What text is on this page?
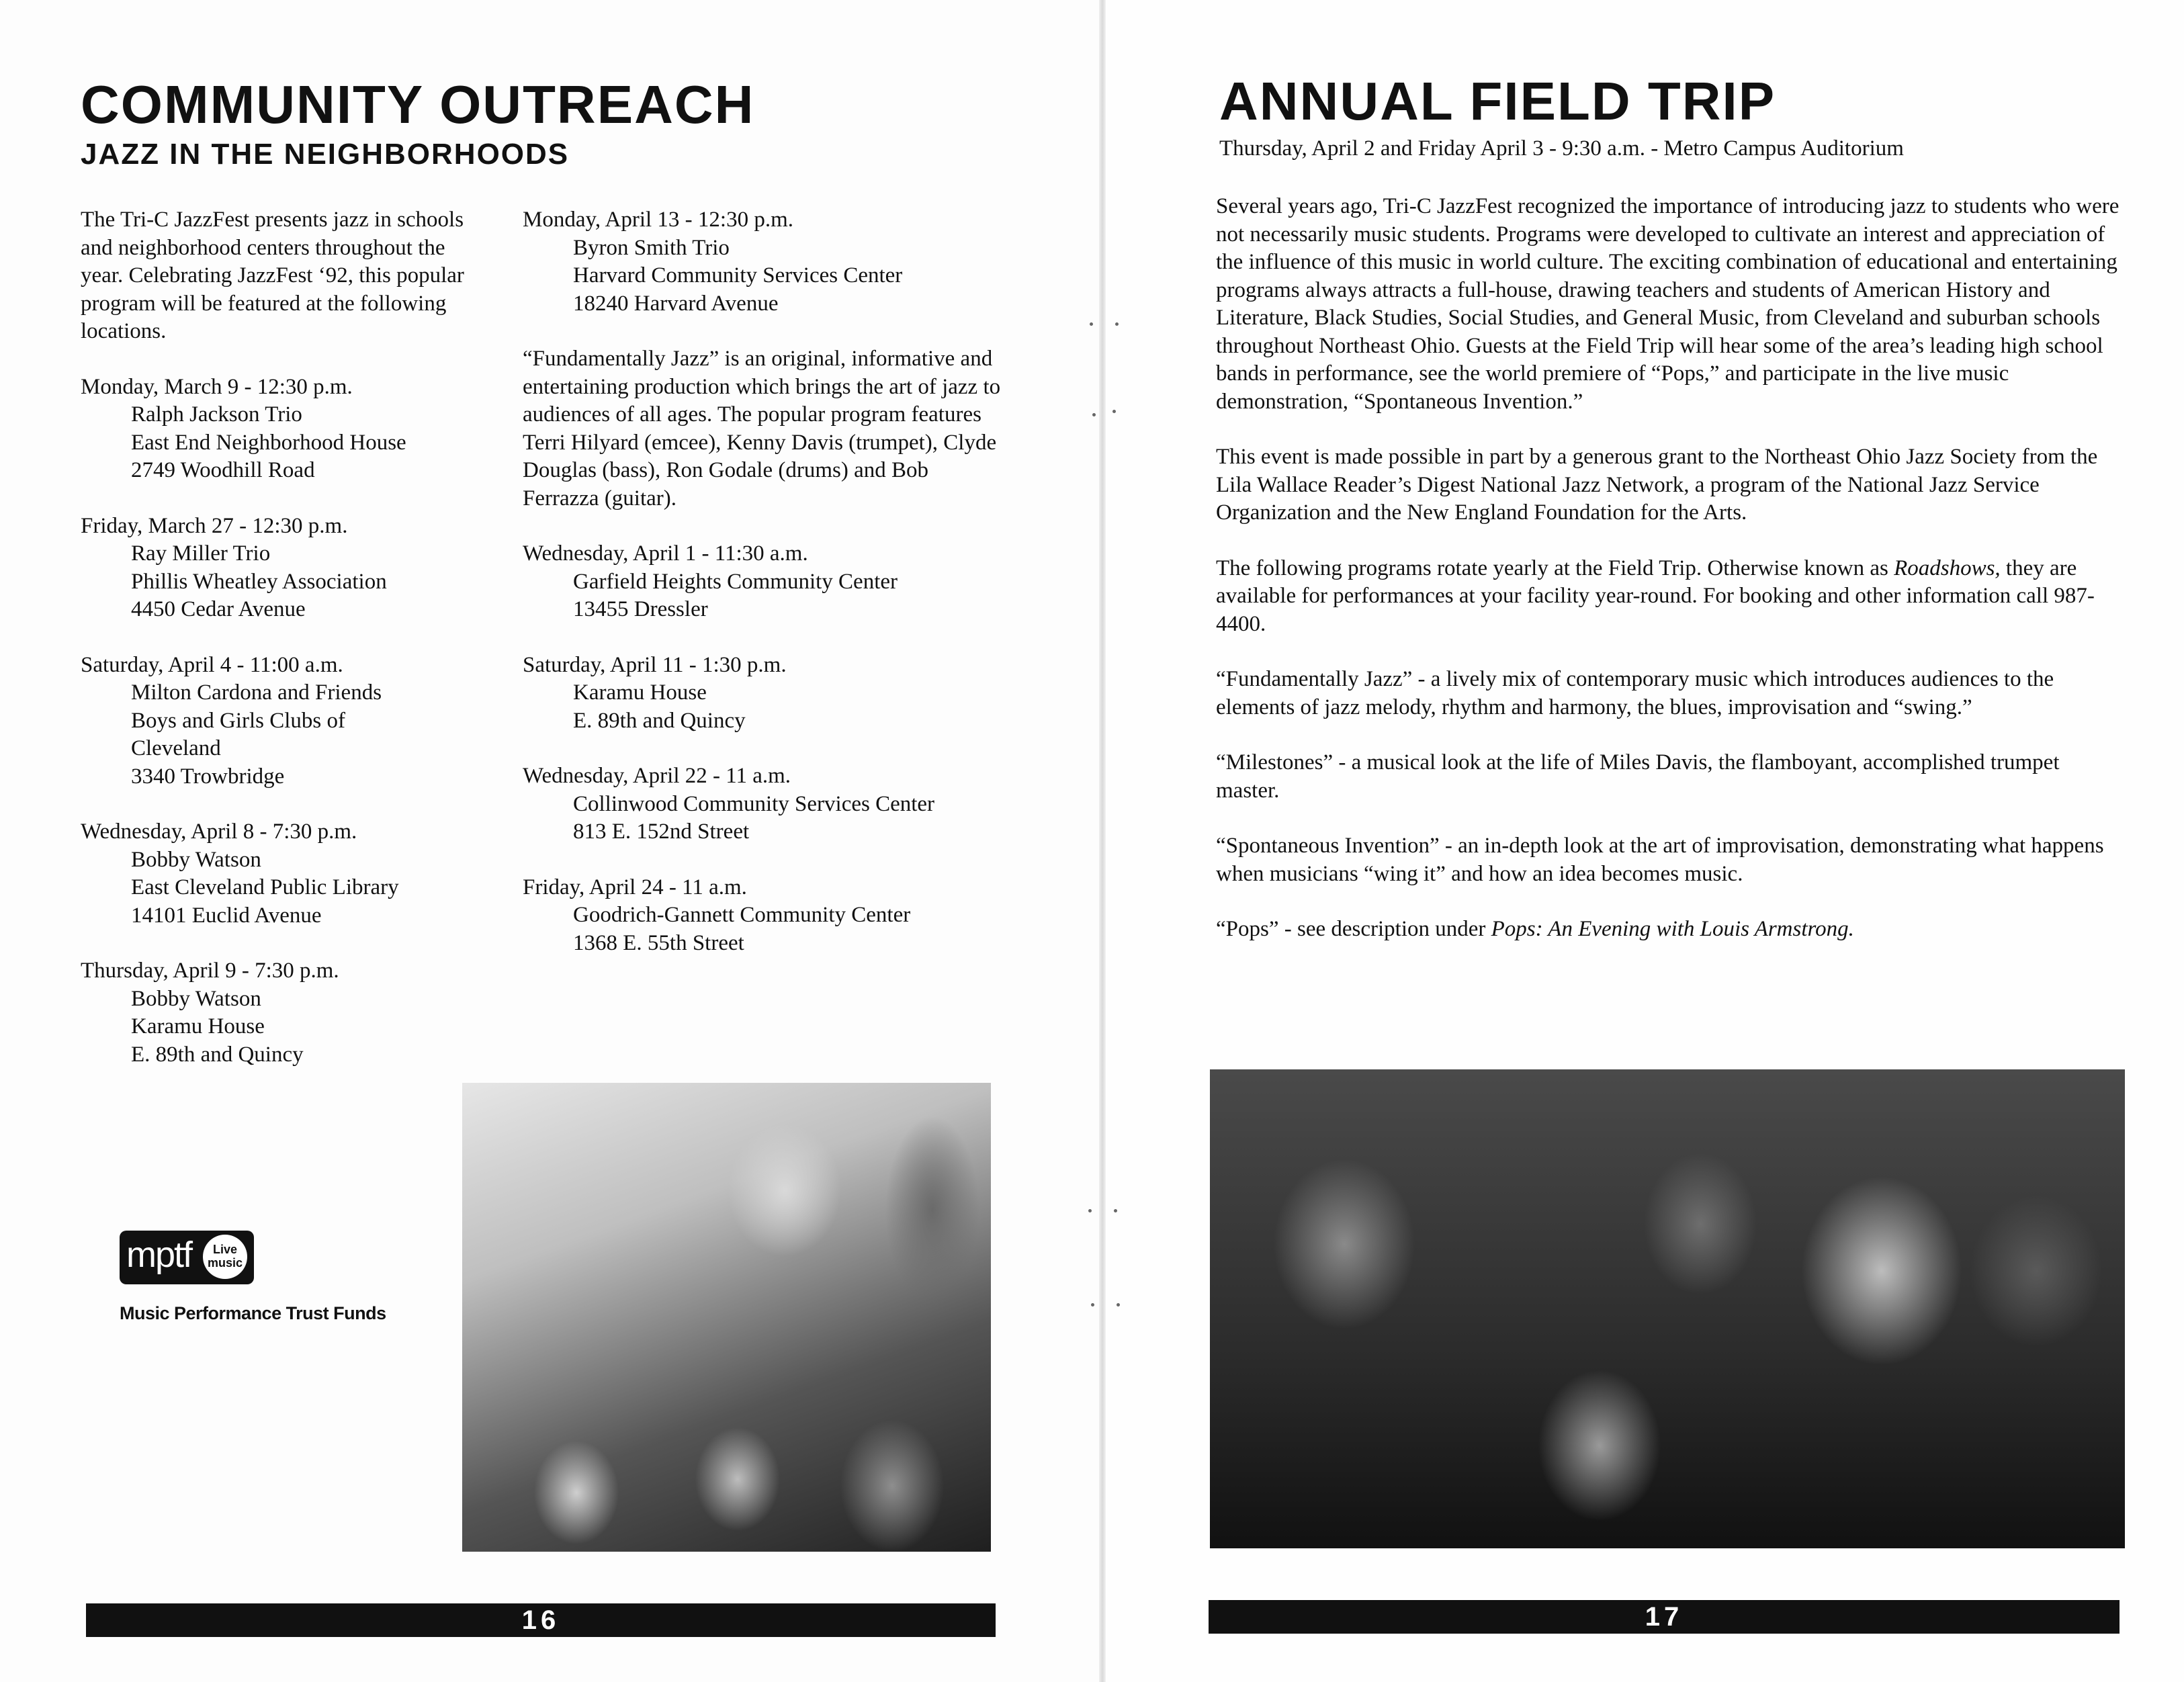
COMMUNITY OUTREACH
JAZZ IN THE NEIGHBORHOODS

The Tri-C JazzFest presents jazz in schools and neighborhood centers throughout the year. Celebrating JazzFest ‘92, this popular program will be featured at the following locations.

Monday, March 9 - 12:30 p.m.
Ralph Jackson Trio
East End Neighborhood House
2749 Woodhill Road

Friday, March 27 - 12:30 p.m.
Ray Miller Trio
Phillis Wheatley Association
4450 Cedar Avenue

Saturday, April 4 - 11:00 a.m.
Milton Cardona and Friends
Boys and Girls Clubs of
Cleveland
3340 Trowbridge

Wednesday, April 8 - 7:30 p.m.
Bobby Watson
East Cleveland Public Library
14101 Euclid Avenue

Thursday, April 9 - 7:30 p.m.
Bobby Watson
Karamu House
E. 89th and Quincy

Monday, April 13 - 12:30 p.m.
Byron Smith Trio
Harvard Community Services Center
18240 Harvard Avenue

“Fundamentally Jazz” is an original, informative and entertaining production which brings the art of jazz to audiences of all ages. The popular program features Terri Hilyard (emcee), Kenny Davis (trumpet), Clyde Douglas (bass), Ron Godale (drums) and Bob Ferrazza (guitar).

Wednesday, April 1 - 11:30 a.m.
Garfield Heights Community Center
13455 Dressler

Saturday, April 11 - 1:30 p.m.
Karamu House
E. 89th and Quincy

Wednesday, April 22 - 11 a.m.
Collinwood Community Services Center
813 E. 152nd Street

Friday, April 24 - 11 a.m.
Goodrich-Gannett Community Center
1368 E. 55th Street

mptf	Live music
Music Performance Trust Funds
16	17
ANNUAL FIELD TRIP
Thursday, April 2 and Friday April 3 - 9:30 a.m. - Metro Campus Auditorium

Several years ago, Tri-C JazzFest recognized the importance of introducing jazz to students who were not necessarily music students. Programs were developed to cultivate an interest and appreciation of the influence of this music in world culture. The exciting combination of educational and entertaining programs always attracts a full-house, drawing teachers and students of American History and Literature, Black Studies, Social Studies, and General Music, from Cleveland and suburban schools throughout Northeast Ohio. Guests at the Field Trip will hear some of the area’s leading high school bands in performance, see the world premiere of “Pops,” and participate in the live music demonstration, “Spontaneous Invention.”

This event is made possible in part by a generous grant to the Northeast Ohio Jazz Society from the Lila Wallace Reader’s Digest National Jazz Network, a program of the National Jazz Service Organization and the New England Foundation for the Arts.

The following programs rotate yearly at the Field Trip. Otherwise known as Roadshows, they are available for performances at your facility year-round. For booking and other information call 987-4400.

“Fundamentally Jazz” - a lively mix of contemporary music which introduces audiences to the elements of jazz melody, rhythm and harmony, the blues, improvisation and “swing.”

“Milestones” - a musical look at the life of Miles Davis, the flamboyant, accomplished trumpet master.

“Spontaneous Invention” - an in-depth look at the art of improvisation, demonstrating what happens when musicians “wing it” and how an idea becomes music.

“Pops” - see description under Pops: An Evening with Louis Armstrong.
